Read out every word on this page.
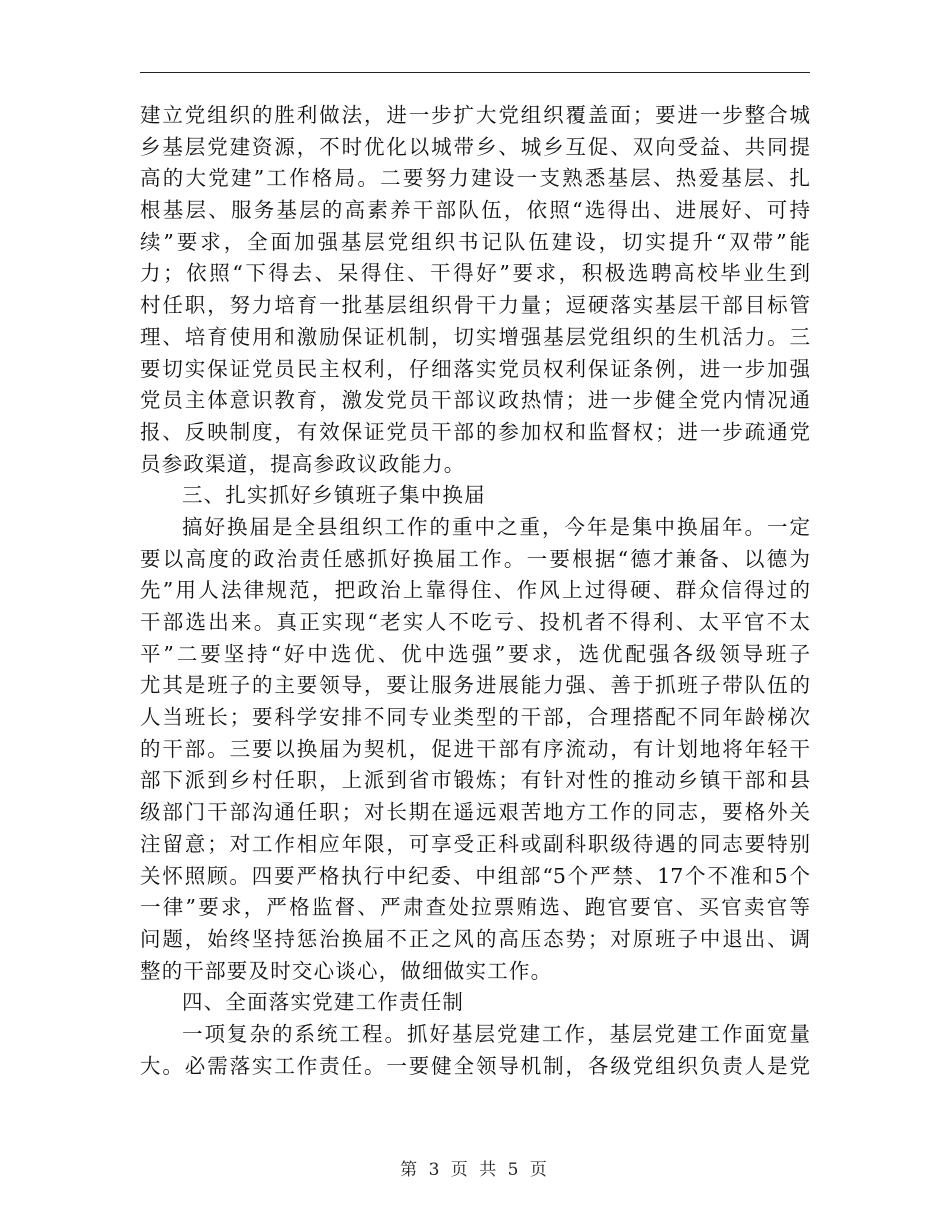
建立党组织的胜利做法，进一步扩大党组织覆盖面；要进一步整合城
乡基层党建资源，不时优化以城带乡、城乡互促、双向受益、共同提
高的大党建”工作格局。二要努力建设一支熟悉基层、热爱基层、扎
根基层、服务基层的高素养干部队伍，依照“选得出、进展好、可持
续”要求，全面加强基层党组织书记队伍建设，切实提升“双带”能
力；依照“下得去、呆得住、干得好”要求，积极选聘高校毕业生到
村任职，努力培育一批基层组织骨干力量；逗硬落实基层干部目标管
理、培育使用和激励保证机制，切实增强基层党组织的生机活力。三
要切实保证党员民主权利，仔细落实党员权利保证条例，进一步加强
党员主体意识教育，激发党员干部议政热情；进一步健全党内情况通
报、反映制度，有效保证党员干部的参加权和监督权；进一步疏通党
员参政渠道，提高参政议政能力。
三、扎实抓好乡镇班子集中换届
搞好换届是全县组织工作的重中之重，今年是集中换届年。一定
要以高度的政治责任感抓好换届工作。一要根据“德才兼备、以德为
先”用人法律规范，把政治上靠得住、作风上过得硬、群众信得过的
干部选出来。真正实现“老实人不吃亏、投机者不得利、太平官不太
平”二要坚持“好中选优、优中选强”要求，选优配强各级领导班子
尤其是班子的主要领导，要让服务进展能力强、善于抓班子带队伍的
人当班长；要科学安排不同专业类型的干部，合理搭配不同年龄梯次
的干部。三要以换届为契机，促进干部有序流动，有计划地将年轻干
部下派到乡村任职，上派到省市锻炼；有针对性的推动乡镇干部和县
级部门干部沟通任职；对长期在遥远艰苦地方工作的同志，要格外关
注留意；对工作相应年限，可享受正科或副科职级待遇的同志要特别
关怀照顾。四要严格执行中纪委、中组部“5个严禁、17个不准和5个
一律”要求，严格监督、严肃查处拉票贿选、跑官要官、买官卖官等
问题，始终坚持惩治换届不正之风的高压态势；对原班子中退出、调
整的干部要及时交心谈心，做细做实工作。
四、全面落实党建工作责任制
一项复杂的系统工程。抓好基层党建工作，基层党建工作面宽量
大。必需落实工作责任。一要健全领导机制，各级党组织负责人是党
第 3 页 共 5 页
